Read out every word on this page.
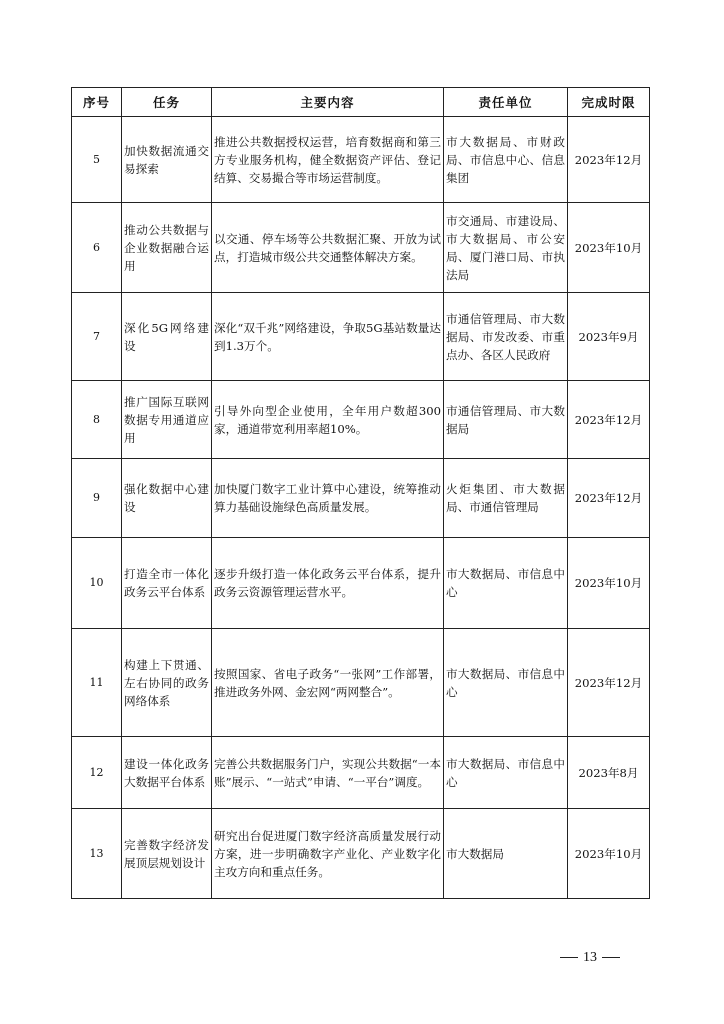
序号	任务	主要内容	责任单位	完成时限
5	加快数据流通交易探索	推进公共数据授权运营，培育数据商和第三方专业服务机构，健全数据资产评估、登记结算、交易撮合等市场运营制度。	市大数据局、市财政局、市信息中心、信息集团	2023年12月
6	推动公共数据与企业数据融合运用	以交通、停车场等公共数据汇聚、开放为试点，打造城市级公共交通整体解决方案。	市交通局、市建设局、市大数据局、市公安局、厦门港口局、市执法局	2023年10月
7	深化5G网络建设	深化“双千兆”网络建设，争取5G基站数量达到1.3万个。	市通信管理局、市大数据局、市发改委、市重点办、各区人民政府	2023年9月
8	推广国际互联网数据专用通道应用	引导外向型企业使用，全年用户数超300家，通道带宽利用率超10%。	市通信管理局、市大数据局	2023年12月
9	强化数据中心建设	加快厦门数字工业计算中心建设，统筹推动算力基础设施绿色高质量发展。	火炬集团、市大数据局、市通信管理局	2023年12月
10	打造全市一体化政务云平台体系	逐步升级打造一体化政务云平台体系，提升政务云资源管理运营水平。	市大数据局、市信息中心	2023年10月
11	构建上下贯通、左右协同的政务网络体系	按照国家、省电子政务“一张网”工作部署，推进政务外网、金宏网“两网整合”。	市大数据局、市信息中心	2023年12月
12	建设一体化政务大数据平台体系	完善公共数据服务门户，实现公共数据“一本账”展示、“一站式”申请、“一平台”调度。	市大数据局、市信息中心	2023年8月
13	完善数字经济发展顶层规划设计	研究出台促进厦门数字经济高质量发展行动方案，进一步明确数字产业化、产业数字化主攻方向和重点任务。	市大数据局	2023年10月
13
